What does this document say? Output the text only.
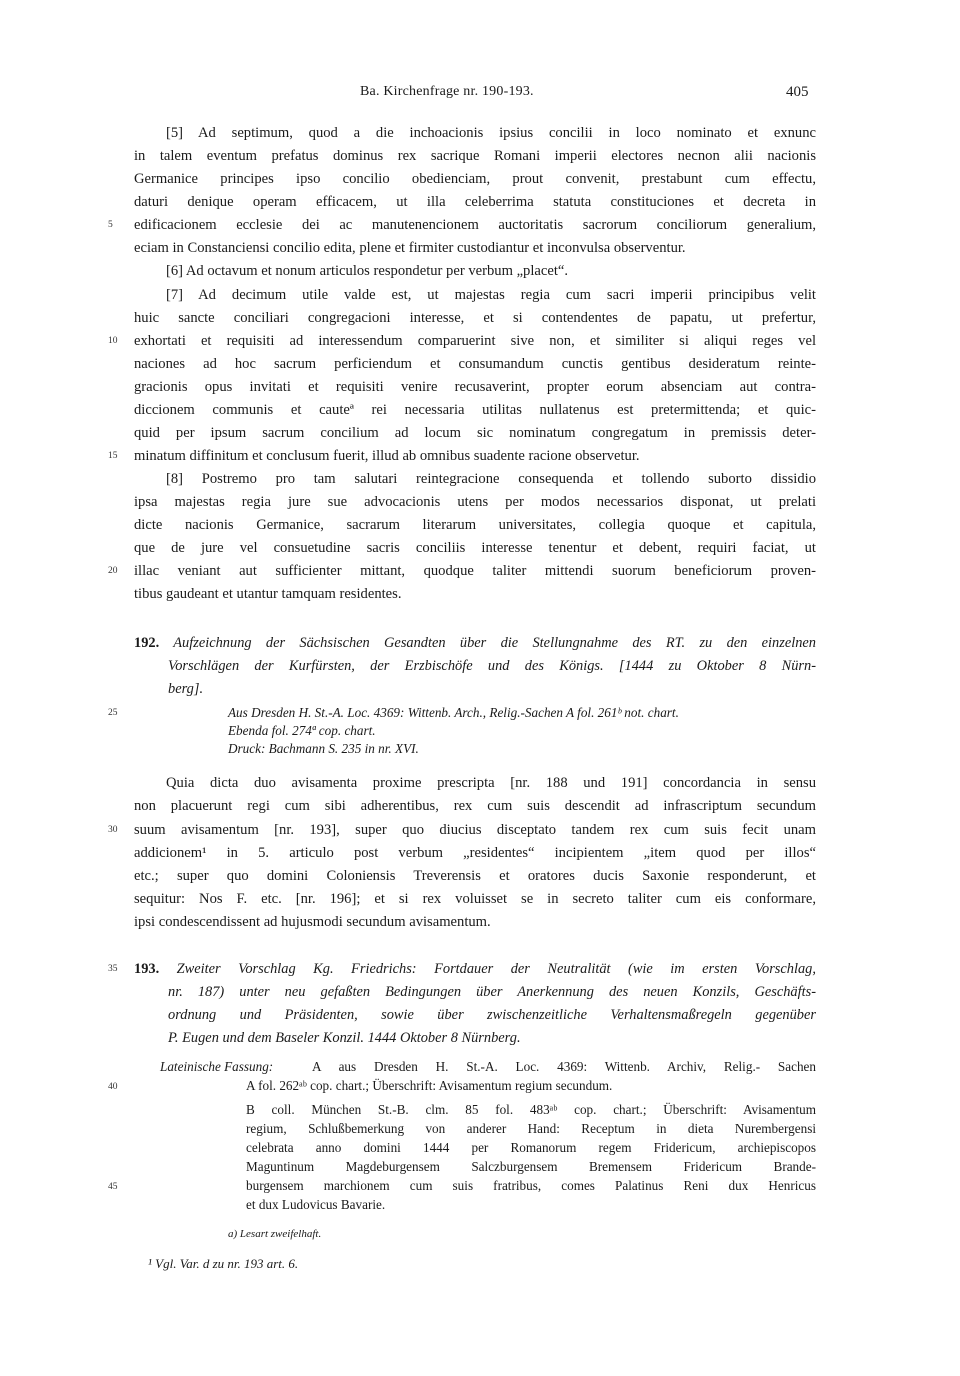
Ba. Kirchenfrage nr. 190-193.	405
[5] Ad septimum, quod a die inchoacionis ipsius concilii in loco nominato et exnunc
in talem eventum prefatus dominus rex sacrique Romani imperii electores necnon alii nacionis
Germanice principes ipso concilio obedienciam, prout convenit, prestabunt cum effectu,
daturi denique operam efficacem, ut illa celeberrima statuta constituciones et decreta in
edificacionem ecclesie dei ac manutenencionem auctoritatis sacrorum conciliorum generalium,
eciam in Constanciensi concilio edita, plene et firmiter custodiantur et inconvulsa observentur.
[6] Ad octavum et nonum articulos respondetur per verbum „placet“.
[7] Ad decimum utile valde est, ut majestas regia cum sacri imperii principibus velit
huic sancte conciliari congregacioni interesse, et si contendentes de papatu, ut prefertur,
exhortati et requisiti ad interessendum comparuerint sive non, et similiter si aliqui reges vel
naciones ad hoc sacrum perficiendum et consumandum cunctis gentibus desideratum reinte-
gracionis opus invitati et requisiti venire recusaverint, propter eorum absenciam aut contra-
diccionem communis et cauteª rei necessaria utilitas nullatenus est pretermittenda; et quic-
quid per ipsum sacrum concilium ad locum sic nominatum congregatum in premissis deter-
minatum diffinitum et conclusum fuerit, illud ab omnibus suadente racione observetur.
[8] Postremo pro tam salutari reintegracione consequenda et tollendo suborto dissidio
ipsa majestas regia jure sue advocacionis utens per modos necessarios disponat, ut prelati
dicte nacionis Germanice, sacrarum literarum universitates, collegia quoque et capitula,
que de jure vel consuetudine sacris conciliis interesse tenentur et debent, requiri faciat, ut
illac veniant aut sufficienter mittant, quodque taliter mittendi suorum beneficiorum proven-
tibus gaudeant et utantur tamquam residentes.
5
10
15
20
25
30
35
40
45
192. Aufzeichnung der Sächsischen Gesandten über die Stellungnahme des RT. zu den einzelnen
Vorschlägen der Kurfürsten, der Erzbischöfe und des Königs. [1444 zu Oktober 8 Nürn-
berg].
Aus Dresden H. St.-A. Loc. 4369: Wittenb. Arch., Relig.-Sachen A fol. 261ᵇ not. chart.
Ebenda fol. 274ª cop. chart.
Druck: Bachmann S. 235 in nr. XVI.
Quia dicta duo avisamenta proxime prescripta [nr. 188 und 191] concordancia in sensu
non placuerunt regi cum sibi adherentibus, rex cum suis descendit ad infrascriptum secundum
suum avisamentum [nr. 193], super quo diucius disceptato tandem rex cum suis fecit unam
addicionem¹ in 5. articulo post verbum „residentes“ incipientem „item quod per illos“
etc.; super quo domini Coloniensis Treverensis et oratores ducis Saxonie responderunt, et
sequitur: Nos F. etc. [nr. 196]; et si rex voluisset se in secreto taliter cum eis conformare,
ipsi condescendissent ad hujusmodi secundum avisamentum.
193. Zweiter Vorschlag Kg. Friedrichs: Fortdauer der Neutralität (wie im ersten Vorschlag,
nr. 187) unter neu gefaßten Bedingungen über Anerkennung des neuen Konzils, Geschäfts-
ordnung und Präsidenten, sowie über zwischenzeitliche Verhaltensmaßregeln gegenüber
P. Eugen und dem Baseler Konzil. 1444 Oktober 8 Nürnberg.
Lateinische Fassung:	A aus Dresden H. St.-A. Loc. 4369: Wittenb. Archiv, Relig.- Sachen
A fol. 262ᵃᵇ cop. chart.; Überschrift: Avisamentum regium secundum.
B coll. München St.-B. clm. 85 fol. 483ᵃᵇ cop. chart.; Überschrift: Avisamentum
regium, Schlußbemerkung von anderer Hand: Receptum in dieta Nurembergensi
celebrata anno domini 1444 per Romanorum regem Fridericum, archiepiscopos
Maguntinum Magdeburgensem Salczburgensem Bremensem Fridericum Brande-
burgensem marchionem cum suis fratribus, comes Palatinus Reni dux Henricus
et dux Ludovicus Bavarie.
a) Lesart zweifelhaft.
¹ Vgl. Var. d zu nr. 193 art. 6.
